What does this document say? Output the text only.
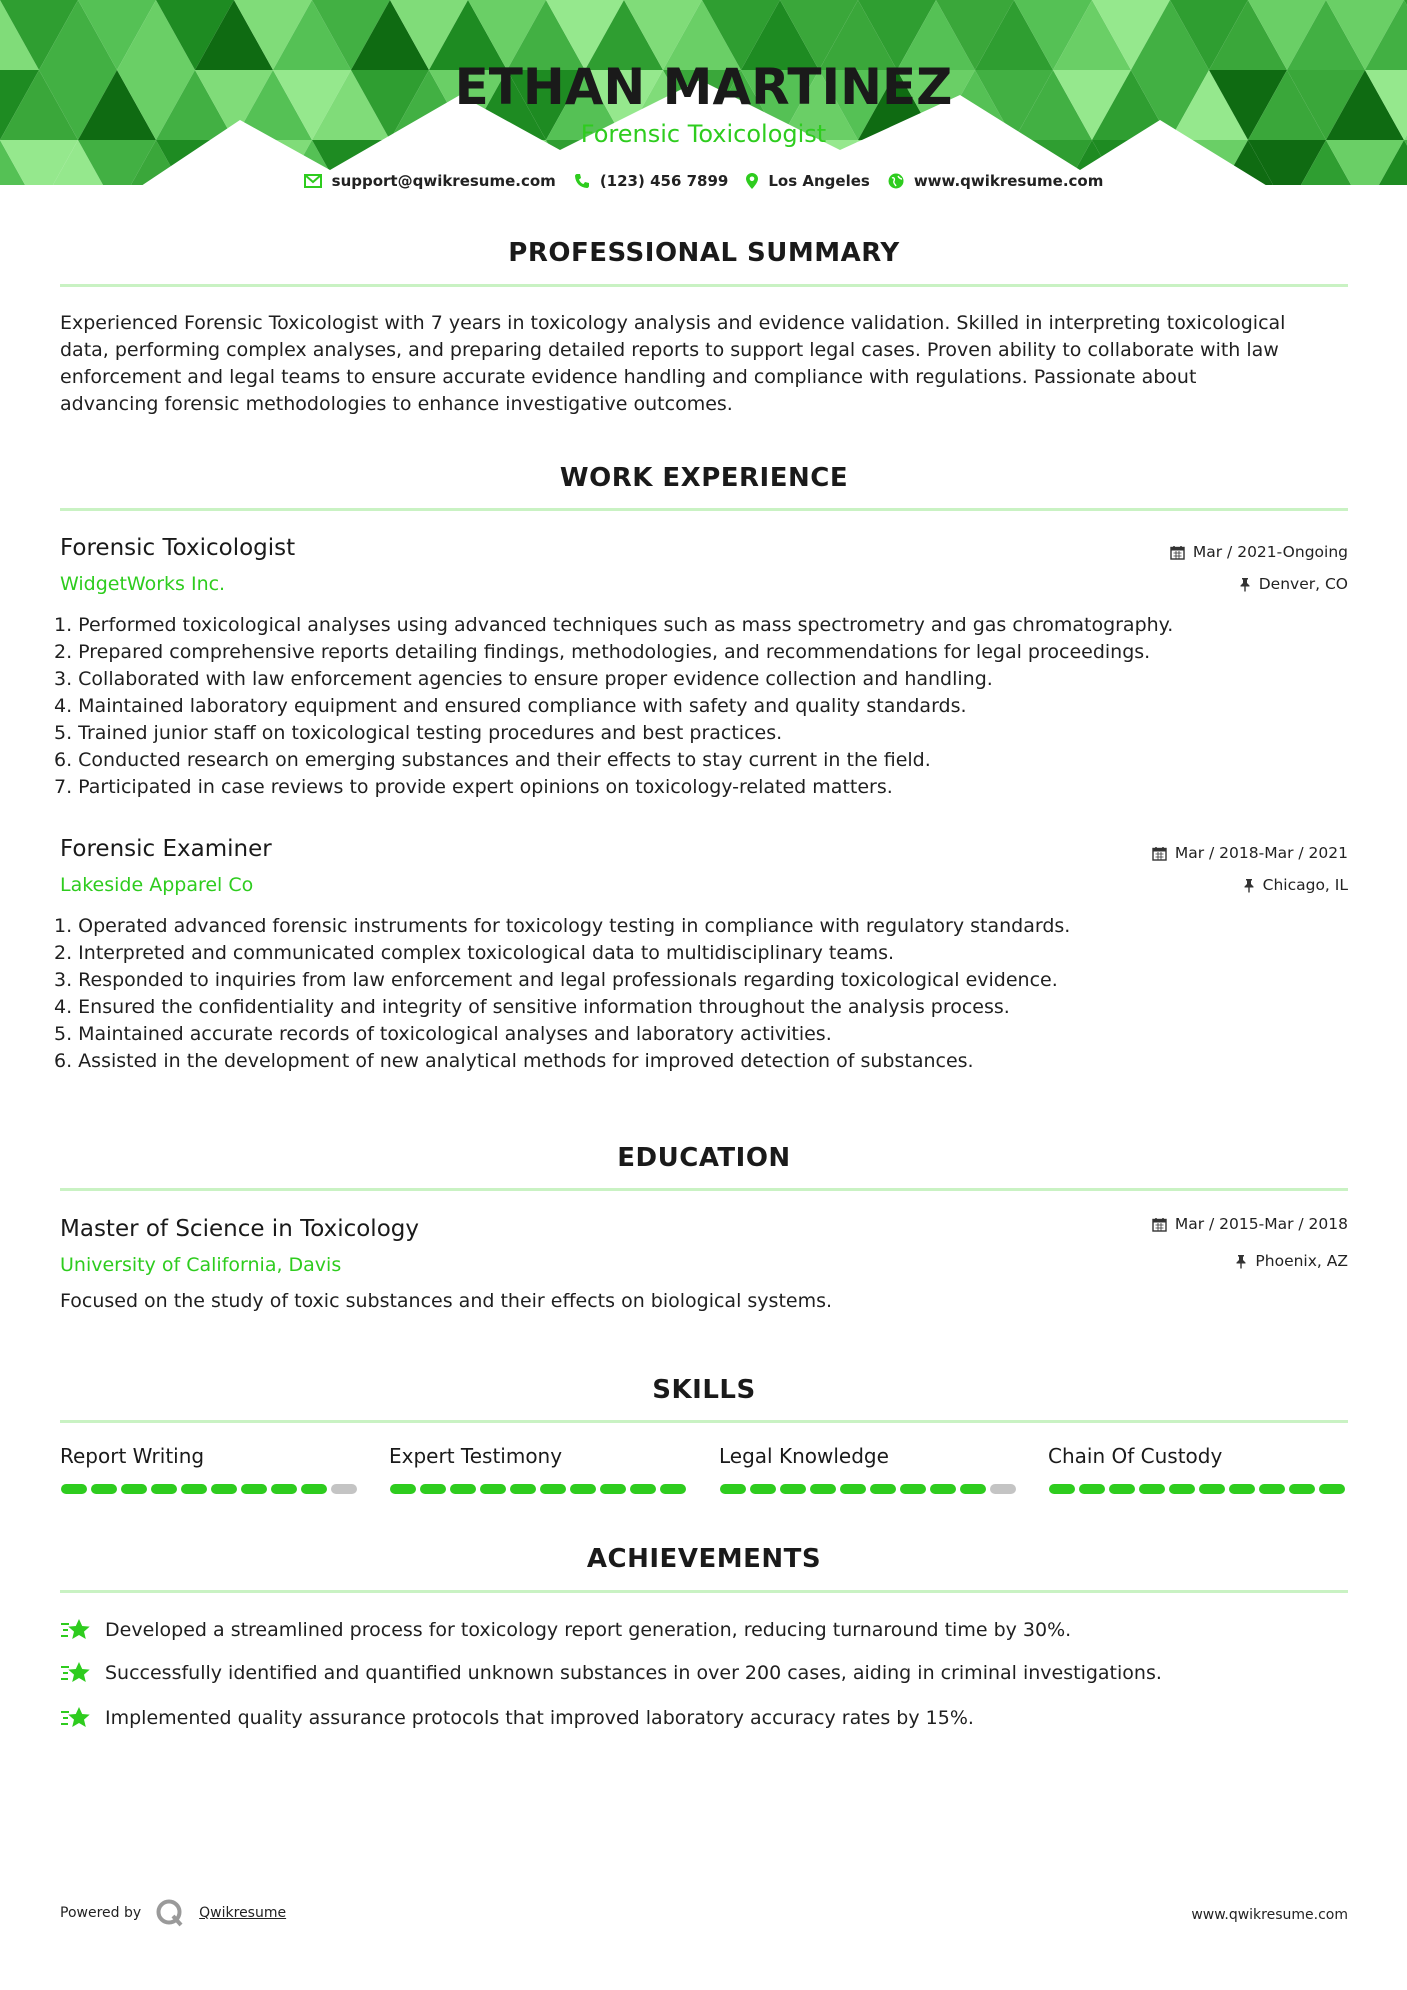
ETHAN MARTINEZ
Forensic Toxicologist
support@qwikresume.com	(123) 456 7899	Los Angeles	www.qwikresume.com
PROFESSIONAL SUMMARY
Experienced Forensic Toxicologist with 7 years in toxicology analysis and evidence validation. Skilled in interpreting toxicological
data, performing complex analyses, and preparing detailed reports to support legal cases. Proven ability to collaborate with law
enforcement and legal teams to ensure accurate evidence handling and compliance with regulations. Passionate about
advancing forensic methodologies to enhance investigative outcomes.
WORK EXPERIENCE
Forensic Toxicologist
WidgetWorks Inc.
Mar / 2021-Ongoing
Denver, CO
1. Performed toxicological analyses using advanced techniques such as mass spectrometry and gas chromatography.
2. Prepared comprehensive reports detailing findings, methodologies, and recommendations for legal proceedings.
3. Collaborated with law enforcement agencies to ensure proper evidence collection and handling.
4. Maintained laboratory equipment and ensured compliance with safety and quality standards.
5. Trained junior staff on toxicological testing procedures and best practices.
6. Conducted research on emerging substances and their effects to stay current in the field.
7. Participated in case reviews to provide expert opinions on toxicology-related matters.
Forensic Examiner
Lakeside Apparel Co
Mar / 2018-Mar / 2021
Chicago, IL
1. Operated advanced forensic instruments for toxicology testing in compliance with regulatory standards.
2. Interpreted and communicated complex toxicological data to multidisciplinary teams.
3. Responded to inquiries from law enforcement and legal professionals regarding toxicological evidence.
4. Ensured the confidentiality and integrity of sensitive information throughout the analysis process.
5. Maintained accurate records of toxicological analyses and laboratory activities.
6. Assisted in the development of new analytical methods for improved detection of substances.
EDUCATION
Master of Science in Toxicology
University of California, Davis
Mar / 2015-Mar / 2018
Phoenix, AZ
Focused on the study of toxic substances and their effects on biological systems.
SKILLS
Report Writing	Expert Testimony	Legal Knowledge	Chain Of Custody
ACHIEVEMENTS
Developed a streamlined process for toxicology report generation, reducing turnaround time by 30%.
Successfully identified and quantified unknown substances in over 200 cases, aiding in criminal investigations.
Implemented quality assurance protocols that improved laboratory accuracy rates by 15%.
Powered by	Qwikresume	www.qwikresume.com
